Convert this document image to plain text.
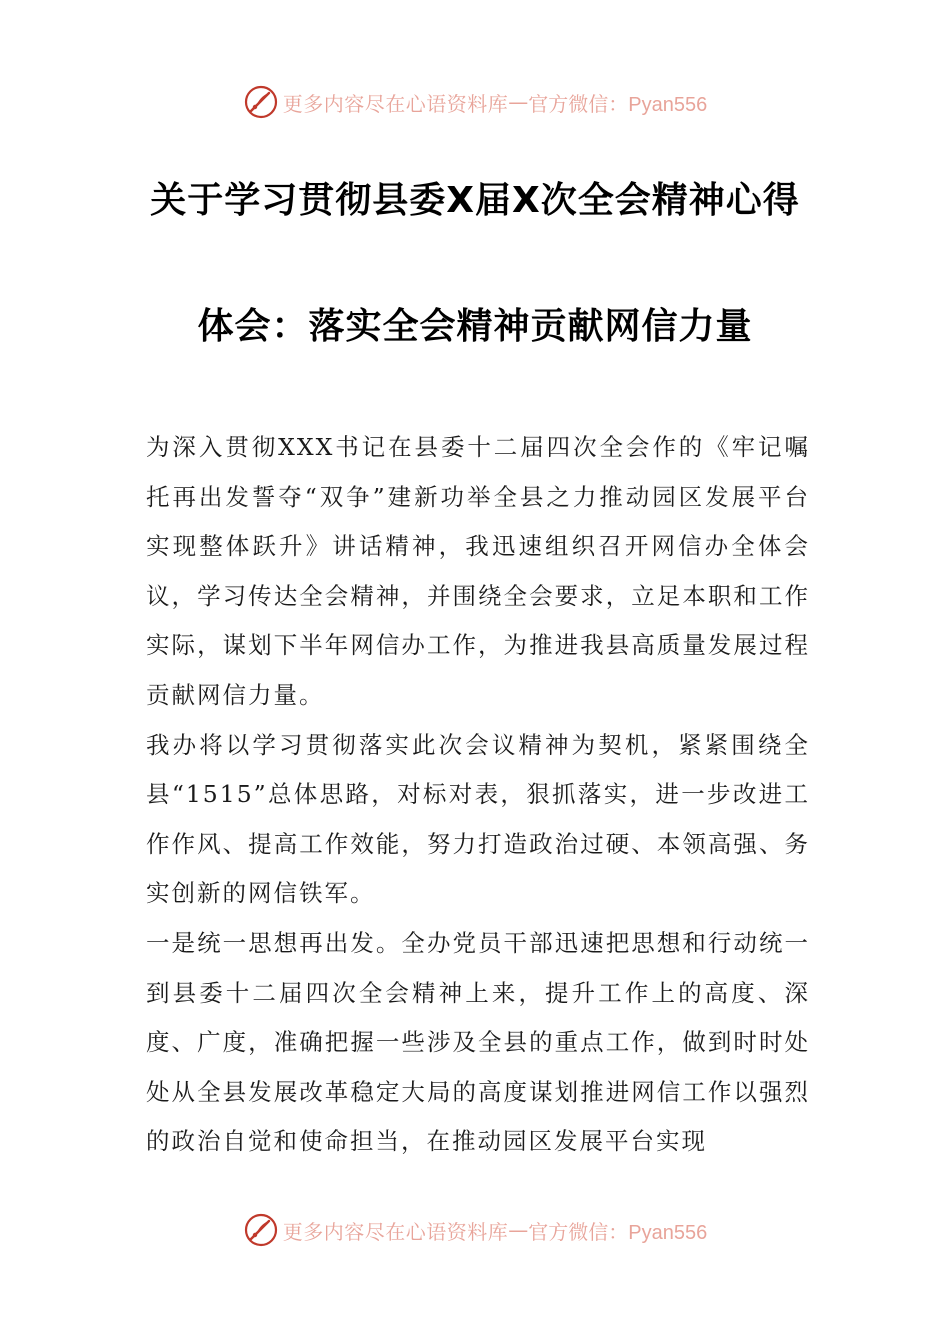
更多内容尽在心语资料库 — 官方微信：Pyan556
关于学习贯彻县委X届X次全会精神心得
体会：落实全会精神贡献网信力量

为深入贯彻XXX书记在县委十二届四次全会作的《牢记嘱托再出发誓夺“双争”建新功举全县之力推动园区发展平台实现整体跃升》讲话精神，我迅速组织召开网信办全体会议，学习传达全会精神，并围绕全会要求，立足本职和工作实际，谋划下半年网信办工作，为推进我县高质量发展过程贡献网信力量。

我办将以学习贯彻落实此次会议精神为契机，紧紧围绕全县“1515”总体思路，对标对表，狠抓落实，进一步改进工作作风、提高工作效能，努力打造政治过硬、本领高强、务实创新的网信铁军。

一是统一思想再出发。全办党员干部迅速把思想和行动统一到县委十二届四次全会精神上来，提升工作上的高度、深度、广度，准确把握一些涉及全县的重点工作，做到时时处处从全县发展改革稳定大局的高度谋划推进网信工作以强烈的政治自觉和使命担当，在推动园区发展平台实现

更多内容尽在心语资料库 — 官方微信：Pyan556
